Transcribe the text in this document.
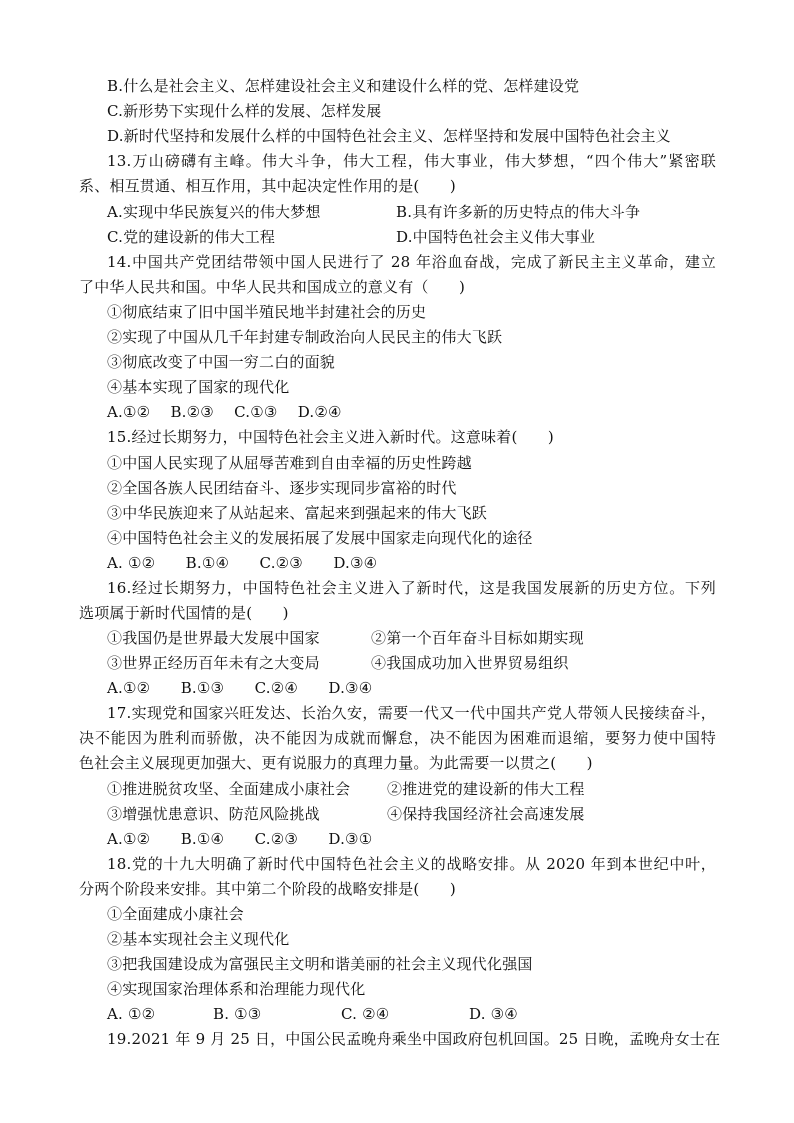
B.什么是社会主义、怎样建设社会主义和建设什么样的党、怎样建设党
C.新形势下实现什么样的发展、怎样发展
D.新时代坚持和发展什么样的中国特色社会主义、怎样坚持和发展中国特色社会主义
13.万山磅礴有主峰。伟大斗争，伟大工程，伟大事业，伟大梦想，“四个伟大”紧密联
系、相互贯通、相互作用，其中起决定性作用的是(　　)
A.实现中华民族复兴的伟大梦想	B.具有许多新的历史特点的伟大斗争
C.党的建设新的伟大工程	D.中国特色社会主义伟大事业
14.中国共产党团结带领中国人民进行了 28 年浴血奋战，完成了新民主主义革命，建立
了中华人民共和国。中华人民共和国成立的意义有（　　)
①彻底结束了旧中国半殖民地半封建社会的历史
②实现了中国从几千年封建专制政治向人民民主的伟大飞跃
③彻底改变了中国一穷二白的面貌
④基本实现了国家的现代化
A.①②　 B.②③　 C.①③　 D.②④
15.经过长期努力，中国特色社会主义进入新时代。这意味着(　　)
①中国人民实现了从屈辱苦难到自由幸福的历史性跨越
②全国各族人民团结奋斗、逐步实现同步富裕的时代
③中华民族迎来了从站起来、富起来到强起来的伟大飞跃
④中国特色社会主义的发展拓展了发展中国家走向现代化的途径
A. ①②　　B.①④　　C.②③　　D.③④
16.经过长期努力，中国特色社会主义进入了新时代，这是我国发展新的历史方位。下列
选项属于新时代国情的是(　　)
①我国仍是世界最大发展中国家	②第一个百年奋斗目标如期实现
③世界正经历百年未有之大变局	④我国成功加入世界贸易组织
A.①②　　B.①③　　C.②④　　D.③④
17.实现党和国家兴旺发达、长治久安，需要一代又一代中国共产党人带领人民接续奋斗，
决不能因为胜利而骄傲，决不能因为成就而懈怠，决不能因为困难而退缩，要努力使中国特
色社会主义展现更加强大、更有说服力的真理力量。为此需要一以贯之(　　)
①推进脱贫攻坚、全面建成小康社会 ②推进党的建设新的伟大工程
③增强忧患意识、防范风险挑战	④保持我国经济社会高速发展
A.①②　　B.①④　　C.②③　　D.③①
18.党的十九大明确了新时代中国特色社会主义的战略安排。从 2020 年到本世纪中叶，
分两个阶段来安排。其中第二个阶段的战略安排是(　　)
①全面建成小康社会
②基本实现社会主义现代化
③把我国建设成为富强民主文明和谐美丽的社会主义现代化强国
④实现国家治理体系和治理能力现代化
A. ①②	B. ①③	C. ②④	D. ③④
19.2021 年 9 月 25 日，中国公民孟晚舟乘坐中国政府包机回国。25 日晚，孟晚舟女士在
